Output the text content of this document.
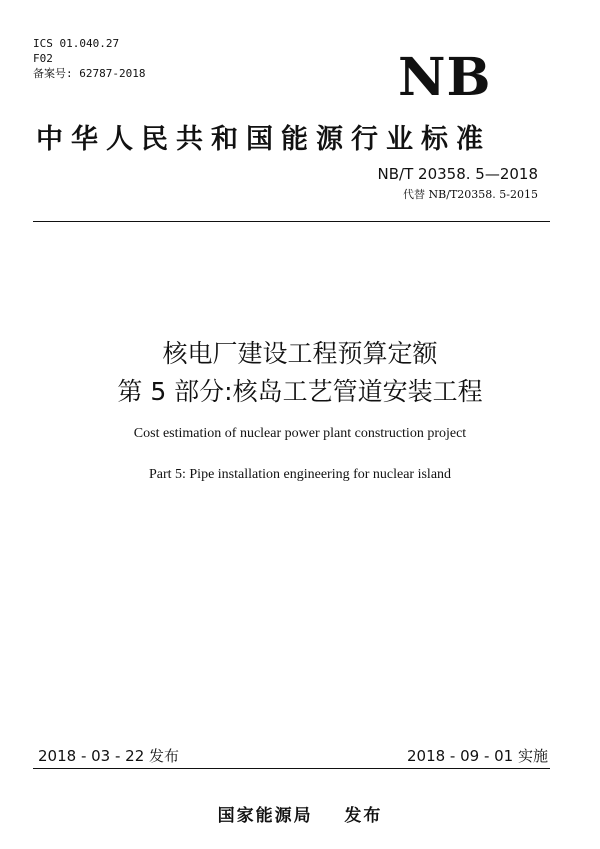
ICS 01.040.27
F02
备案号: 62787-2018	NB
中华人民共和国能源行业标准
NB/T 20358. 5—2018
代替 NB/T20358. 5-2015
核电厂建设工程预算定额
第 5 部分:核岛工艺管道安装工程
Cost estimation of nuclear power plant construction project
Part 5: Pipe installation engineering for nuclear island
2018 - 03 - 22 发布	2018 - 09 - 01 实施
国家能源局    发布
